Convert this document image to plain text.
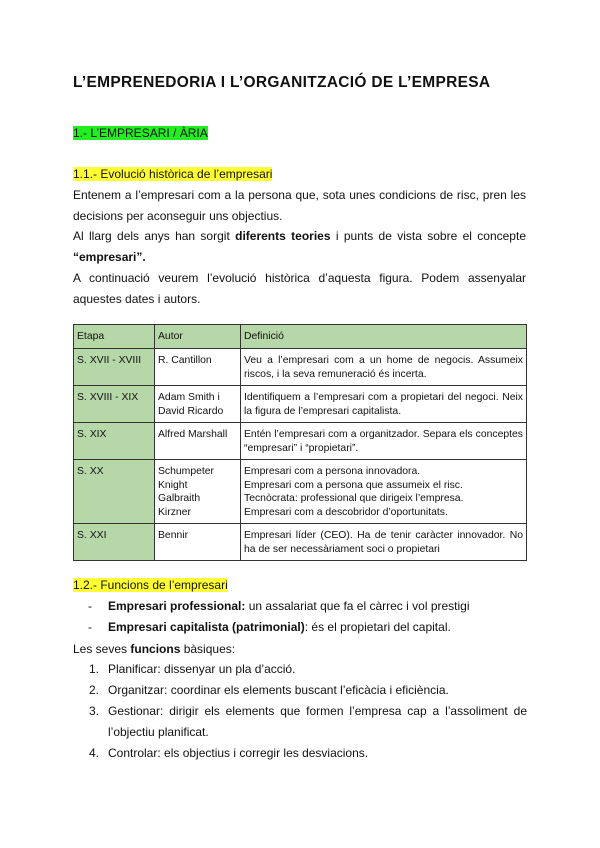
L’EMPRENEDORIA I L’ORGANITZACIÓ DE L’EMPRESA
1.- L’EMPRESARI / ÀRIA
1.1.- Evolució històrica de l’empresari

Entenem a l’empresari com a la persona que, sota unes condicions de risc, pren les decisions per aconseguir uns objectius.

Al llarg dels anys han sorgit diferents teories i punts de vista sobre el concepte “empresari”.

A continuació veurem l’evolució històrica d’aquesta figura. Podem assenyalar aquestes dates i autors.

Etapa	Autor	Definició
S. XVII - XVIII	R. Cantillon	Veu a l’empresari com a un home de negocis. Assumeix riscos, i la seva remuneració és incerta.

S. XVIII - XIX	Adam Smith i
David Ricardo	Identifiquem a l’empresari com a propietari del negoci. Neix la figura de l’empresari capitalista.

S. XIX	Alfred Marshall	Entén l’empresari com a organitzador. Separa els conceptes “empresari” i “propietari”.

S. XX	Schumpeter
Knight
Galbraith
Kirzner	Empresari com a persona innovadora.
Empresari com a persona que assumeix el risc.
Tecnòcrata: professional que dirigeix l’empresa.
Empresari com a descobridor d’oportunitats.

S. XXI	Bennir	Empresari líder (CEO). Ha de tenir caràcter innovador. No ha de ser necessàriament soci o propietari
1.2.- Funcions de l’empresari
- Empresari professional: un assalariat que fa el càrrec i vol prestigi
- Empresari capitalista (patrimonial): és el propietari del capital.

Les seves funcions bàsiques:

1. Planificar: dissenyar un pla d’acció.
2. Organitzar: coordinar els elements buscant l’eficàcia i eficiència.
3. Gestionar: dirigir els elements que formen l’empresa cap a l’assoliment de l’objectiu planificat.
4. Controlar: els objectius i corregir les desviacions.
